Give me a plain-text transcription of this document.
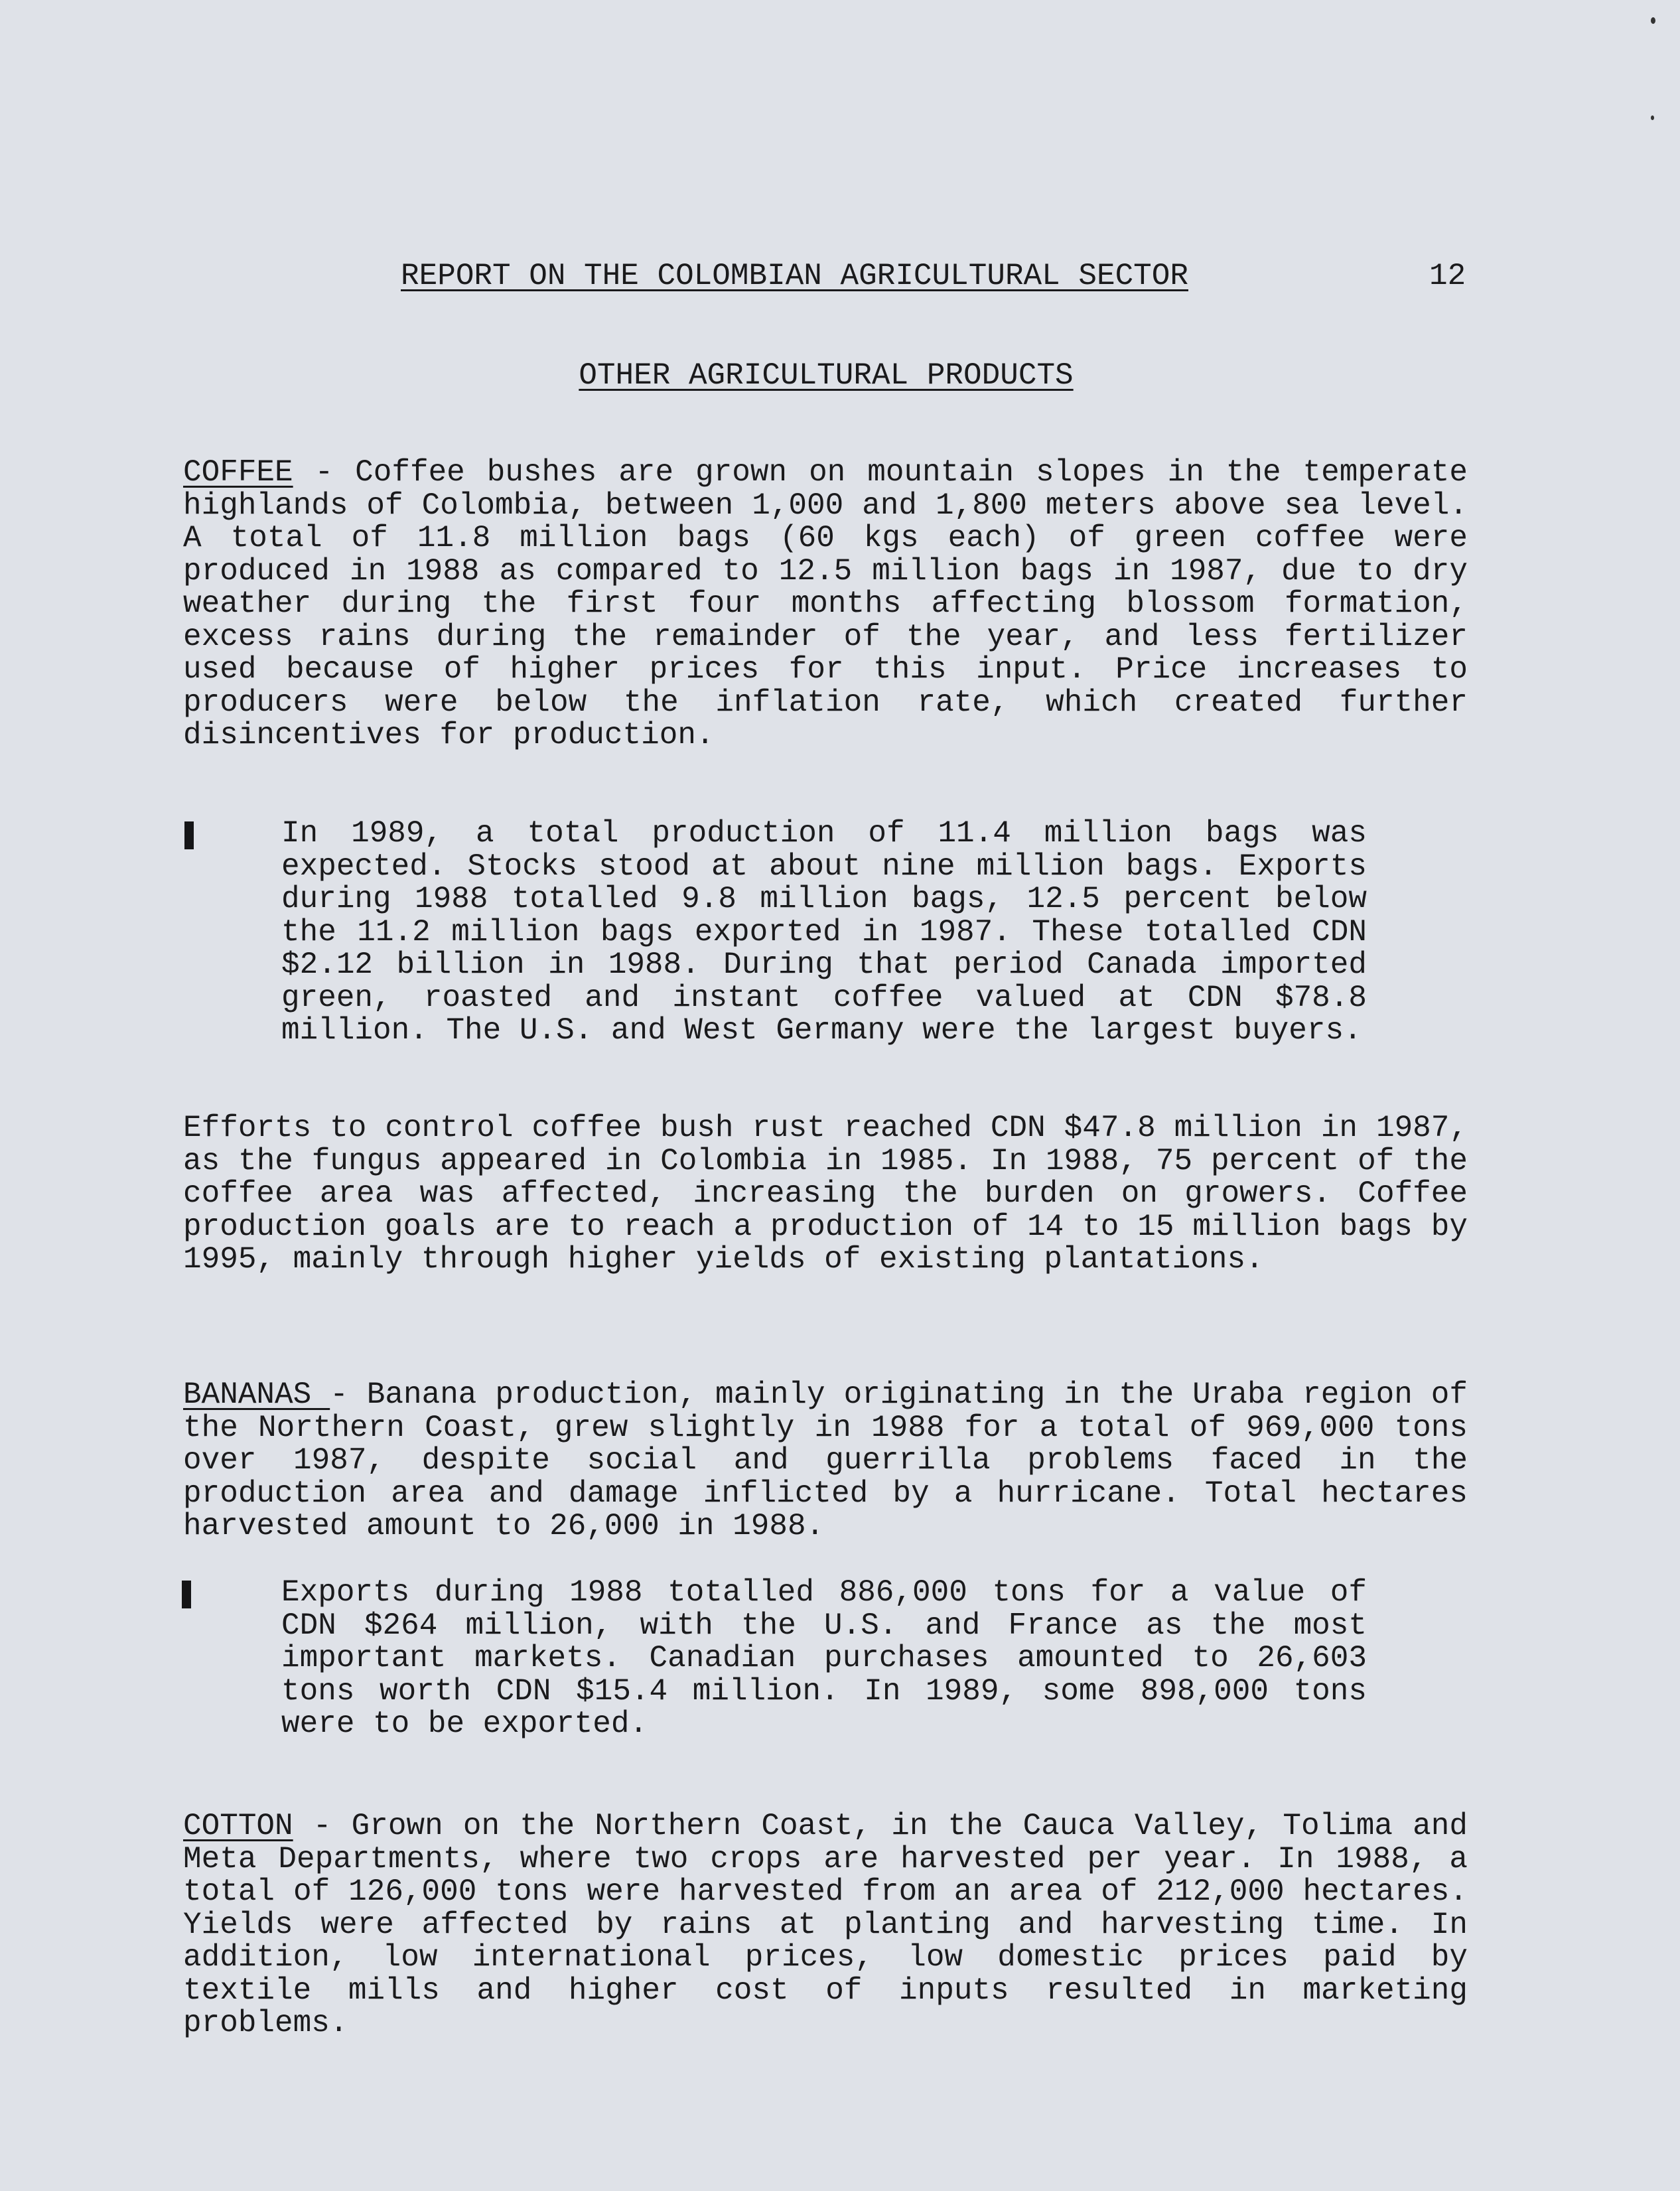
REPORT ON THE COLOMBIAN AGRICULTURAL SECTOR	12
OTHER AGRICULTURAL PRODUCTS

COFFEE - Coffee bushes are grown on mountain slopes in the temperate highlands of Colombia, between 1,000 and 1,800 meters above sea level. A total of 11.8 million bags (60 kgs each) of green coffee were produced in 1988 as compared to 12.5 million bags in 1987, due to dry weather during the first four months affecting blossom formation, excess rains during the remainder of the year, and less fertilizer used because of higher prices for this input. Price increases to producers were below the inflation rate, which created further disincentives for production.

In 1989, a total production of 11.4 million bags was expected. Stocks stood at about nine million bags. Exports during 1988 totalled 9.8 million bags, 12.5 percent below the 11.2 million bags exported in 1987. These totalled CDN $2.12 billion in 1988. During that period Canada imported green, roasted and instant coffee valued at CDN $78.8 million. The U.S. and West Germany were the largest buyers.

Efforts to control coffee bush rust reached CDN $47.8 million in 1987, as the fungus appeared in Colombia in 1985. In 1988, 75 percent of the coffee area was affected, increasing the burden on growers. Coffee production goals are to reach a production of 14 to 15 million bags by 1995, mainly through higher yields of existing plantations.

BANANAS - Banana production, mainly originating in the Uraba region of the Northern Coast, grew slightly in 1988 for a total of 969,000 tons over 1987, despite social and guerrilla problems faced in the production area and damage inflicted by a hurricane. Total hectares harvested amount to 26,000 in 1988.

Exports during 1988 totalled 886,000 tons for a value of CDN $264 million, with the U.S. and France as the most important markets. Canadian purchases amounted to 26,603 tons worth CDN $15.4 million. In 1989, some 898,000 tons were to be exported.

COTTON - Grown on the Northern Coast, in the Cauca Valley, Tolima and Meta Departments, where two crops are harvested per year. In 1988, a total of 126,000 tons were harvested from an area of 212,000 hectares. Yields were affected by rains at planting and harvesting time. In addition, low international prices, low domestic prices paid by textile mills and higher cost of inputs resulted in marketing problems.
